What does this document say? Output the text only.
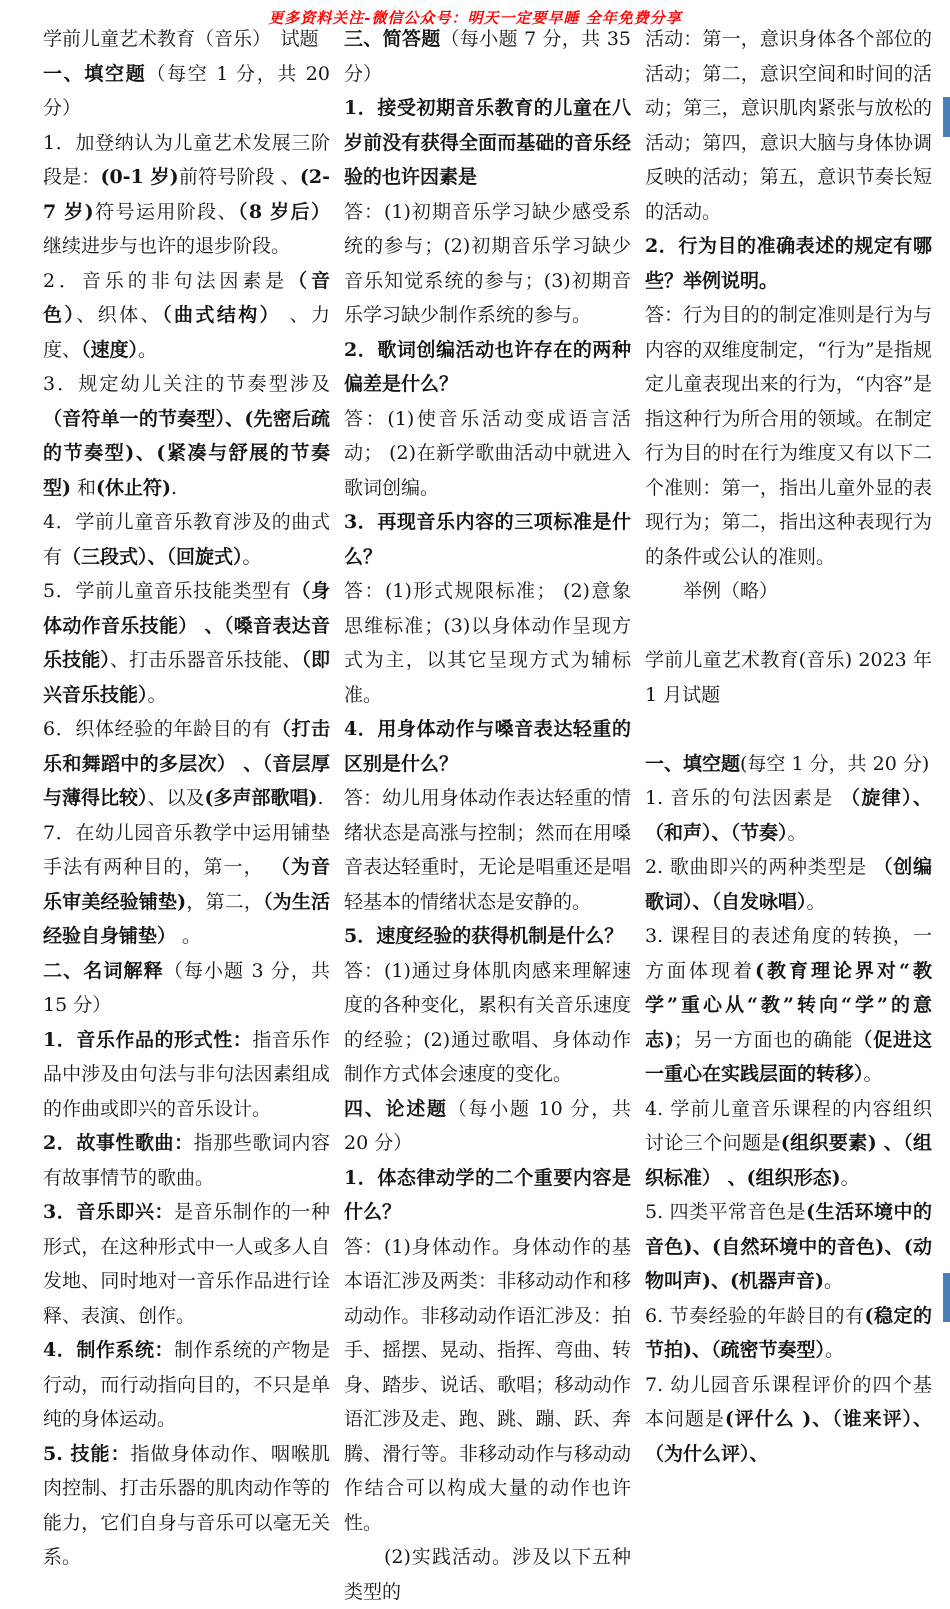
更多资料关注-微信公众号：明天一定要早睡 全年免费分享
学前儿童艺术教育（音乐）　试题
一、填空题（每空 1 分，共 20 分）
1．加登纳认为儿童艺术发展三阶段是：(0-1 岁)前符号阶段 、(2-7 岁)符号运用阶段、（8 岁后） 继续进步与也许的退步阶段。
2．音乐的非句法因素是（音色）、织体、（曲式结构） 、力度、（速度）。
3．规定幼儿关注的节奏型涉及（音符单一的节奏型）、(先密后疏的节奏型)、(紧凑与舒展的节奏型) 和(休止符).
4．学前儿童音乐教育涉及的曲式有（三段式）、（回旋式）。
5．学前儿童音乐技能类型有（身体动作音乐技能） 、（嗓音表达音乐技能）、打击乐器音乐技能、（即兴音乐技能）。
6．织体经验的年龄目的有（打击乐和舞蹈中的多层次） 、（音层厚与薄得比较）、以及(多声部歌唱).
7．在幼儿园音乐教学中运用铺垫手法有两种目的，第一， （为音乐审美经验铺垫)，第二，（为生活经验自身铺垫） 。
二、名词解释（每小题 3 分，共 15 分）
1．音乐作品的形式性：指音乐作品中涉及由句法与非句法因素组成的作曲或即兴的音乐设计。
2．故事性歌曲：指那些歌词内容有故事情节的歌曲。
3．音乐即兴：是音乐制作的一种形式，在这种形式中一人或多人自发地、同时地对一音乐作品进行诠释、表演、创作。
4．制作系统：制作系统的产物是行动，而行动指向目的，不只是单纯的身体运动。
5. 技能：指做身体动作、咽喉肌肉控制、打击乐器的肌肉动作等的能力，它们自身与音乐可以毫无关系。
三、简答题（每小题 7 分，共 35 分）
1．接受初期音乐教育的儿童在八岁前没有获得全面而基础的音乐经验的也许因素是
答：(1)初期音乐学习缺少感受系统的参与；(2)初期音乐学习缺少音乐知觉系统的参与；(3)初期音乐学习缺少制作系统的参与。
2．歌词创编活动也许存在的两种偏差是什么？
答：(1)使音乐活动变成语言活动； (2)在新学歌曲活动中就进入歌词创编。
3．再现音乐内容的三项标准是什么？
答：(1)形式规限标准； (2)意象思维标准；(3)以身体动作呈现方式为主，以其它呈现方式为辅标准。
4．用身体动作与嗓音表达轻重的区别是什么？
答：幼儿用身体动作表达轻重的情绪状态是高涨与控制；然而在用嗓音表达轻重时，无论是唱重还是唱轻基本的情绪状态是安静的。
5．速度经验的获得机制是什么？
答：(1)通过身体肌肉感来理解速度的各种变化，累积有关音乐速度的经验；(2)通过歌唱、身体动作制作方式体会速度的变化。
四、论述题（每小题 10 分，共 20 分）
1．体态律动学的二个重要内容是什么？
答：(1)身体动作。身体动作的基本语汇涉及两类：非移动动作和移动动作。非移动动作语汇涉及：拍手、摇摆、晃动、指挥、弯曲、转身、踏步、说话、歌唱；移动动作语汇涉及走、跑、跳、蹦、跃、奔腾、滑行等。非移动动作与移动动作结合可以构成大量的动作也许性。
　　(2)实践活动。涉及以下五种类型的
活动：第一，意识身体各个部位的活动；第二，意识空间和时间的活动；第三，意识肌肉紧张与放松的活动；第四，意识大脑与身体协调反映的活动；第五，意识节奏长短的活动。
2．行为目的准确表述的规定有哪些？举例说明。
答：行为目的的制定准则是行为与内容的双维度制定，“行为”是指规定儿童表现出来的行为，“内容”是指这种行为所合用的领域。在制定行为目的时在行为维度又有以下二个准则：第一，指出儿童外显的表现行为；第二，指出这种表现行为的条件或公认的准则。
　　举例（略）
学前儿童艺术教育(音乐) 2023 年 1 月试题
一、填空题(每空 1 分，共 20 分)
1. 音乐的句法因素是 （旋律）、（和声）、（节奏）。
2. 歌曲即兴的两种类型是 （创编歌词）、（自发咏唱）。
3. 课程目的表述角度的转换，一方面体现着(教育理论界对“教学”重心从“教”转向“学”的意志)；另一方面也的确能（促进这一重心在实践层面的转移）。
4. 学前儿童音乐课程的内容组织讨论三个问题是(组织要素) 、（组织标准） 、(组织形态)。
5. 四类平常音色是(生活环境中的音色)、(自然环境中的音色)、(动物叫声)、(机器声音)。
6. 节奏经验的年龄目的有(稳定的节拍)、（疏密节奏型）。
7. 幼儿园音乐课程评价的四个基本问题是(评什么 )、（谁来评）、（为什么评）、
